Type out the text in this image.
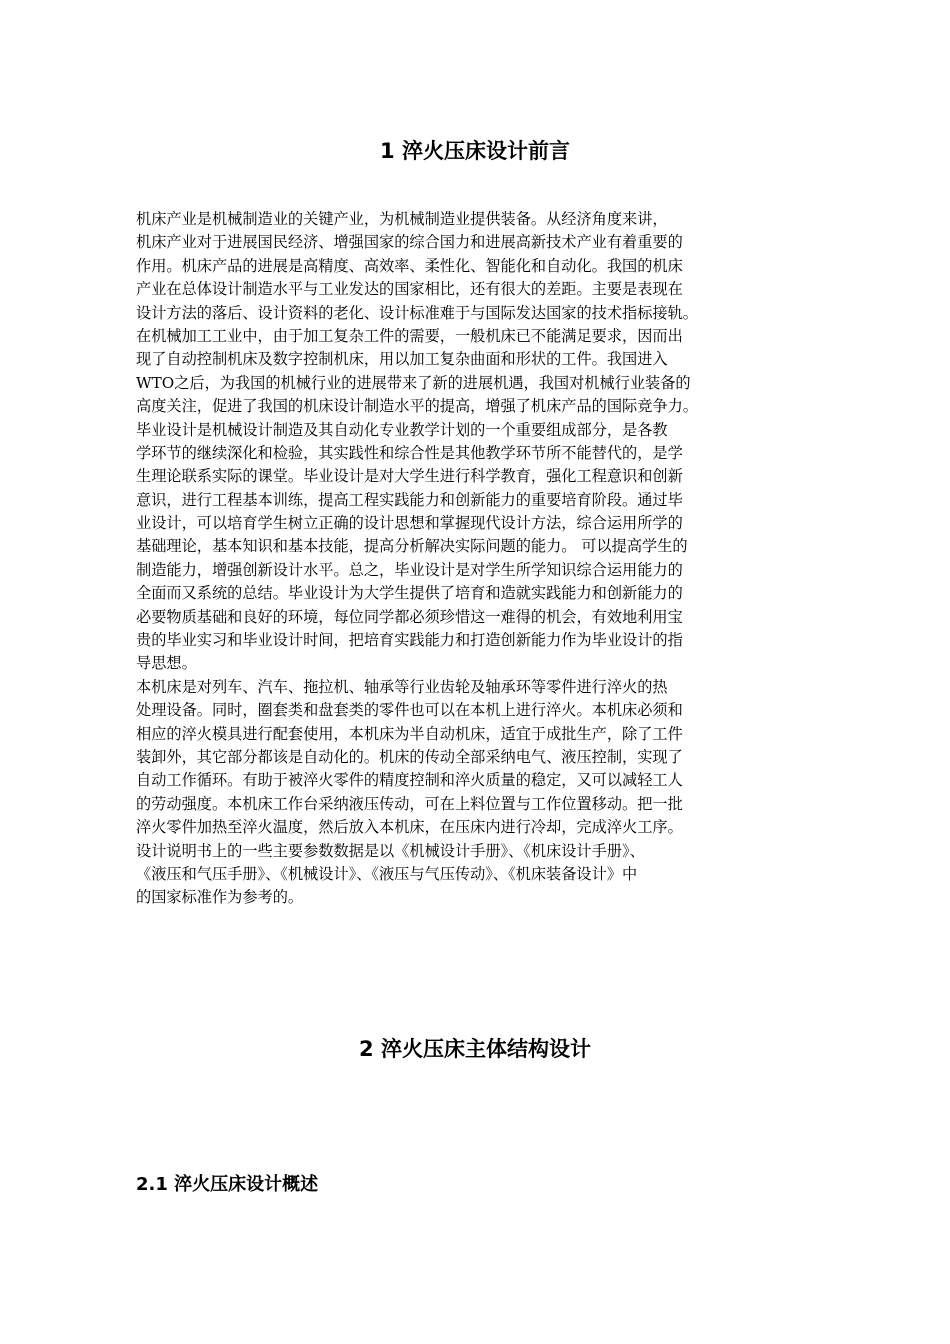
1 淬火压床设计前言
机床产业是机械制造业的关键产业，为机械制造业提供装备。从经济角度来讲，
机床产业对于进展国民经济、增强国家的综合国力和进展高新技术产业有着重要的
作用。机床产品的进展是高精度、高效率、柔性化、智能化和自动化。我国的机床
产业在总体设计制造水平与工业发达的国家相比，还有很大的差距。主要是表现在
设计方法的落后、设计资料的老化、设计标准难于与国际发达国家的技术指标接轨。
在机械加工工业中，由于加工复杂工件的需要，一般机床已不能满足要求，因而出
现了自动控制机床及数字控制机床，用以加工复杂曲面和形状的工件。我国进入
WTO之后，为我国的机械行业的进展带来了新的进展机遇，我国对机械行业装备的
高度关注，促进了我国的机床设计制造水平的提高，增强了机床产品的国际竞争力。
毕业设计是机械设计制造及其自动化专业教学计划的一个重要组成部分，是各教
学环节的继续深化和检验，其实践性和综合性是其他教学环节所不能替代的，是学
生理论联系实际的课堂。毕业设计是对大学生进行科学教育，强化工程意识和创新
意识，进行工程基本训练，提高工程实践能力和创新能力的重要培育阶段。通过毕
业设计，可以培育学生树立正确的设计思想和掌握现代设计方法，综合运用所学的
基础理论，基本知识和基本技能，提高分析解决实际问题的能力。 可以提高学生的
制造能力，增强创新设计水平。总之，毕业设计是对学生所学知识综合运用能力的
全面而又系统的总结。毕业设计为大学生提供了培育和造就实践能力和创新能力的
必要物质基础和良好的环境，每位同学都必须珍惜这一难得的机会，有效地利用宝
贵的毕业实习和毕业设计时间，把培育实践能力和打造创新能力作为毕业设计的指
导思想。
本机床是对列车、汽车、拖拉机、轴承等行业齿轮及轴承环等零件进行淬火的热
处理设备。同时，圈套类和盘套类的零件也可以在本机上进行淬火。本机床必须和
相应的淬火模具进行配套使用，本机床为半自动机床，适宜于成批生产，除了工件
装卸外，其它部分都该是自动化的。机床的传动全部采纳电气、液压控制，实现了
自动工作循环。有助于被淬火零件的精度控制和淬火质量的稳定，又可以减轻工人
的劳动强度。本机床工作台采纳液压传动，可在上料位置与工作位置移动。把一批
淬火零件加热至淬火温度，然后放入本机床，在压床内进行冷却，完成淬火工序。
设计说明书上的一些主要参数数据是以《机械设计手册》、《机床设计手册》、
《液压和气压手册》、《机械设计》、《液压与气压传动》、《机床装备设计》中
的国家标准作为参考的。
2 淬火压床主体结构设计
2.1 淬火压床设计概述
